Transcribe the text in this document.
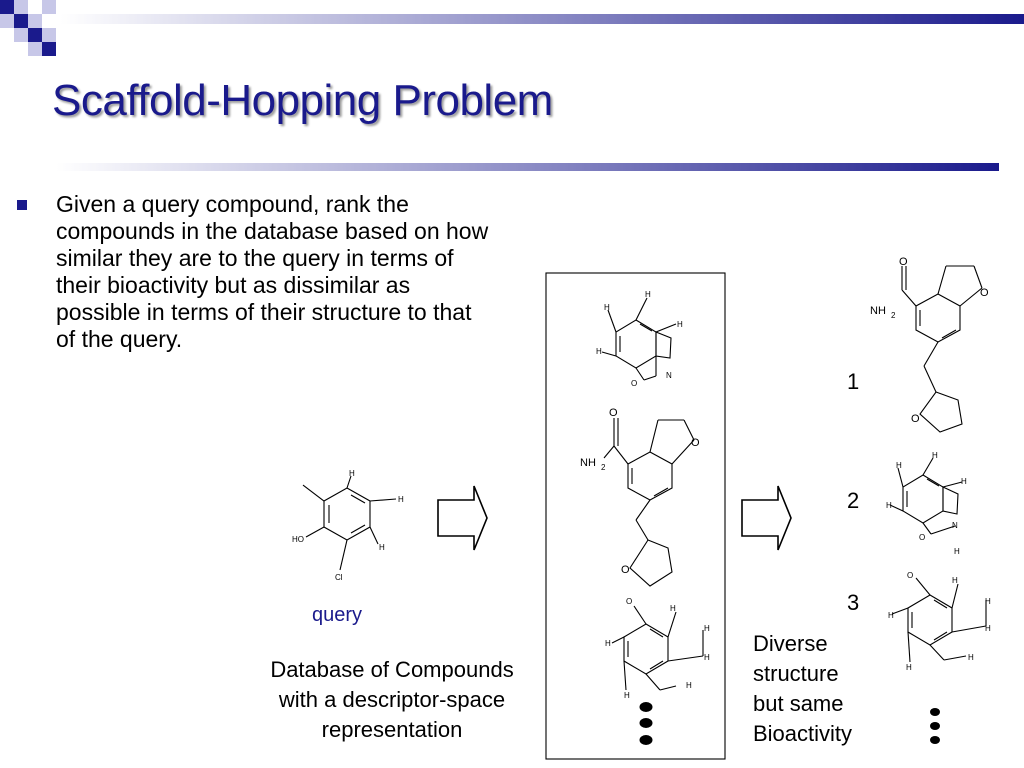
Scaffold-Hopping Problem
Given a query compound, rank the compounds in the database based on how similar they are to the query in terms of their bioactivity but as dissimilar as possible in terms of their structure to that of the query.
H
H
H
Cl
HO
H
H
H
H
O
N
O
H
H
H
H
H
H
H
H
H
H
O
N
H
O
H
H
H
H
H
H
O
O
O
NH 2
O
O
O
NH 2
1
2
3
query
Database of Compounds
with a descriptor-space
representation
Diverse
structure
but same
Bioactivity
